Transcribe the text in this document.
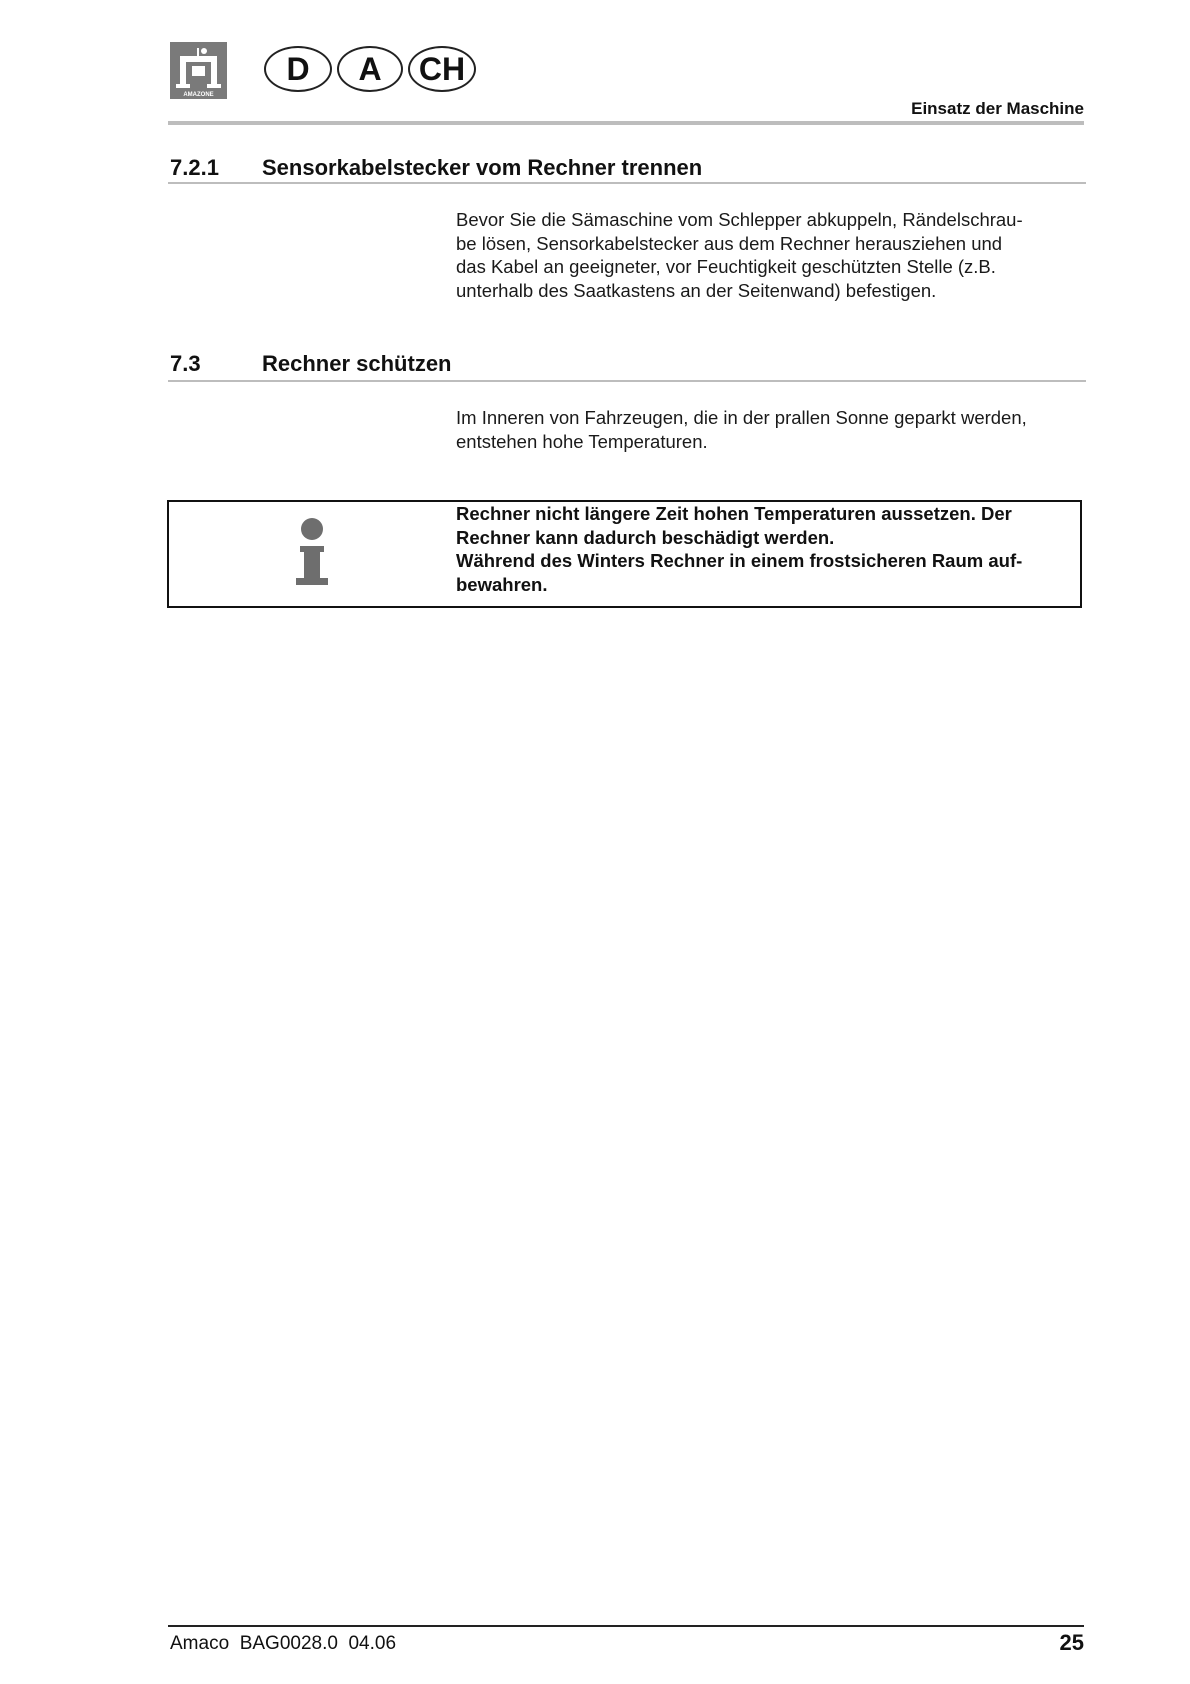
AMAZONE
D	A	CH
Einsatz der Maschine
7.2.1 Sensorkabelstecker vom Rechner trennen
Bevor Sie die Sämaschine vom Schlepper abkuppeln, Rändelschrau-
be lösen, Sensorkabelstecker aus dem Rechner herausziehen und
das Kabel an geeigneter, vor Feuchtigkeit geschützten Stelle (z.B.
unterhalb des Saatkastens an der Seitenwand) befestigen.
7.3	Rechner schützen
Im Inneren von Fahrzeugen, die in der prallen Sonne geparkt werden,
entstehen hohe Temperaturen.
Rechner nicht längere Zeit hohen Temperaturen aussetzen. Der
Rechner kann dadurch beschädigt werden.
Während des Winters Rechner in einem frostsicheren Raum auf-
bewahren.
Amaco  BAG0028.0  04.06	25
